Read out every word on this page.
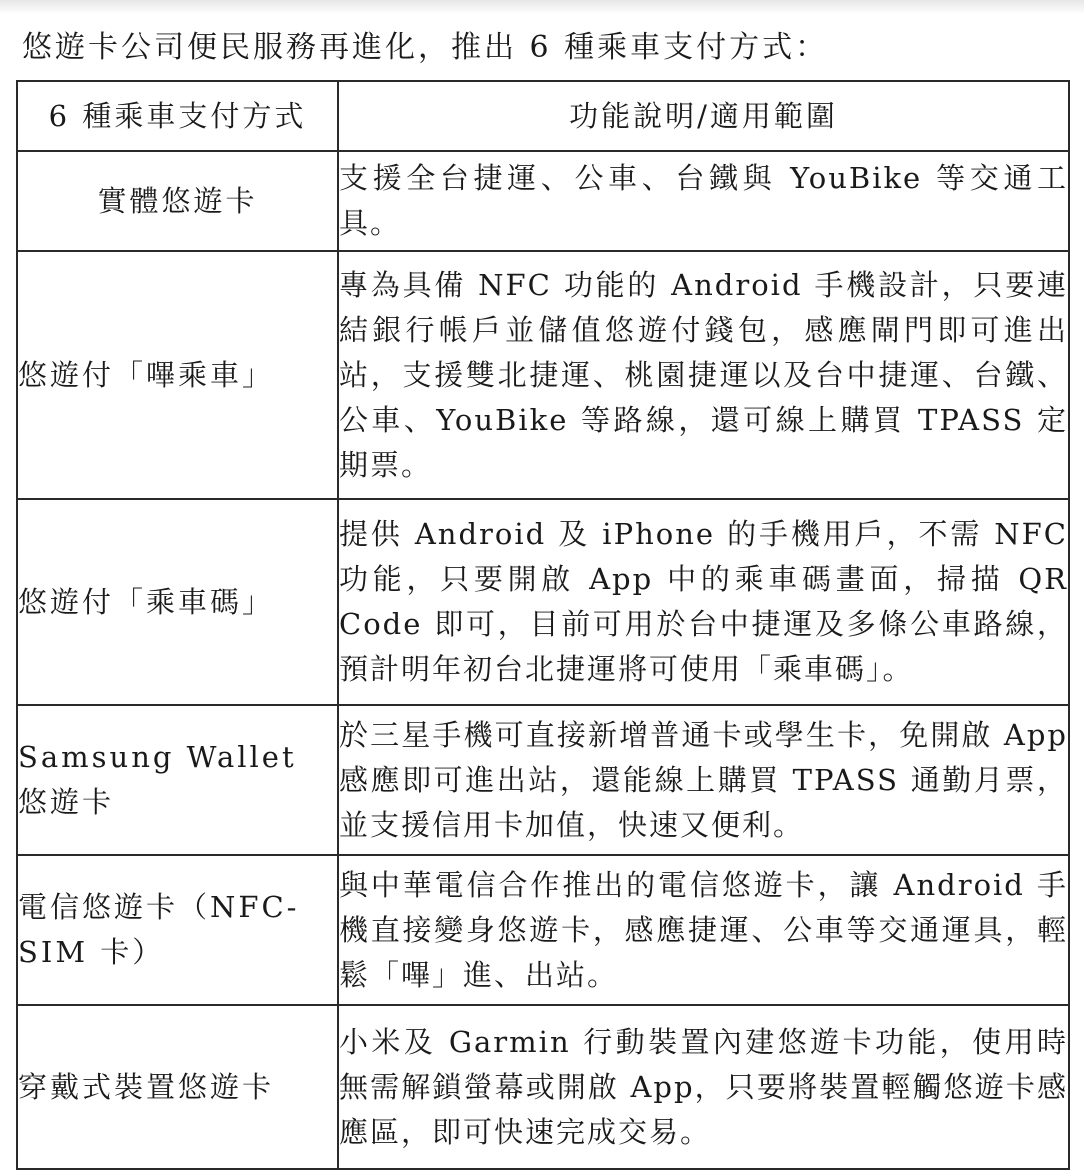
悠遊卡公司便民服務再進化，推出 6 種乘車支付方式：
6 種乘車支付方式	功能說明/適用範圍
實體悠遊卡	支援全台捷運、公車、台鐵與 YouBike 等交通工具。
悠遊付「嗶乘車」	專為具備 NFC 功能的 Android 手機設計，只要連結銀行帳戶並儲值悠遊付錢包，感應閘門即可進出站，支援雙北捷運、桃園捷運以及台中捷運、台鐵、公車、YouBike 等路線，還可線上購買 TPASS 定期票。
悠遊付「乘車碼」	提供 Android 及 iPhone 的手機用戶，不需 NFC 功能，只要開啟 App 中的乘車碼畫面，掃描 QR Code 即可，目前可用於台中捷運及多條公車路線，預計明年初台北捷運將可使用「乘車碼」。
Samsung Wallet 悠遊卡	於三星手機可直接新增普通卡或學生卡，免開啟 App 感應即可進出站，還能線上購買 TPASS 通勤月票，並支援信用卡加值，快速又便利。
電信悠遊卡（NFC-SIM 卡）	與中華電信合作推出的電信悠遊卡，讓 Android 手機直接變身悠遊卡，感應捷運、公車等交通運具，輕鬆「嗶」進、出站。
穿戴式裝置悠遊卡	小米及 Garmin 行動裝置內建悠遊卡功能，使用時無需解鎖螢幕或開啟 App，只要將裝置輕觸悠遊卡感應區，即可快速完成交易。
